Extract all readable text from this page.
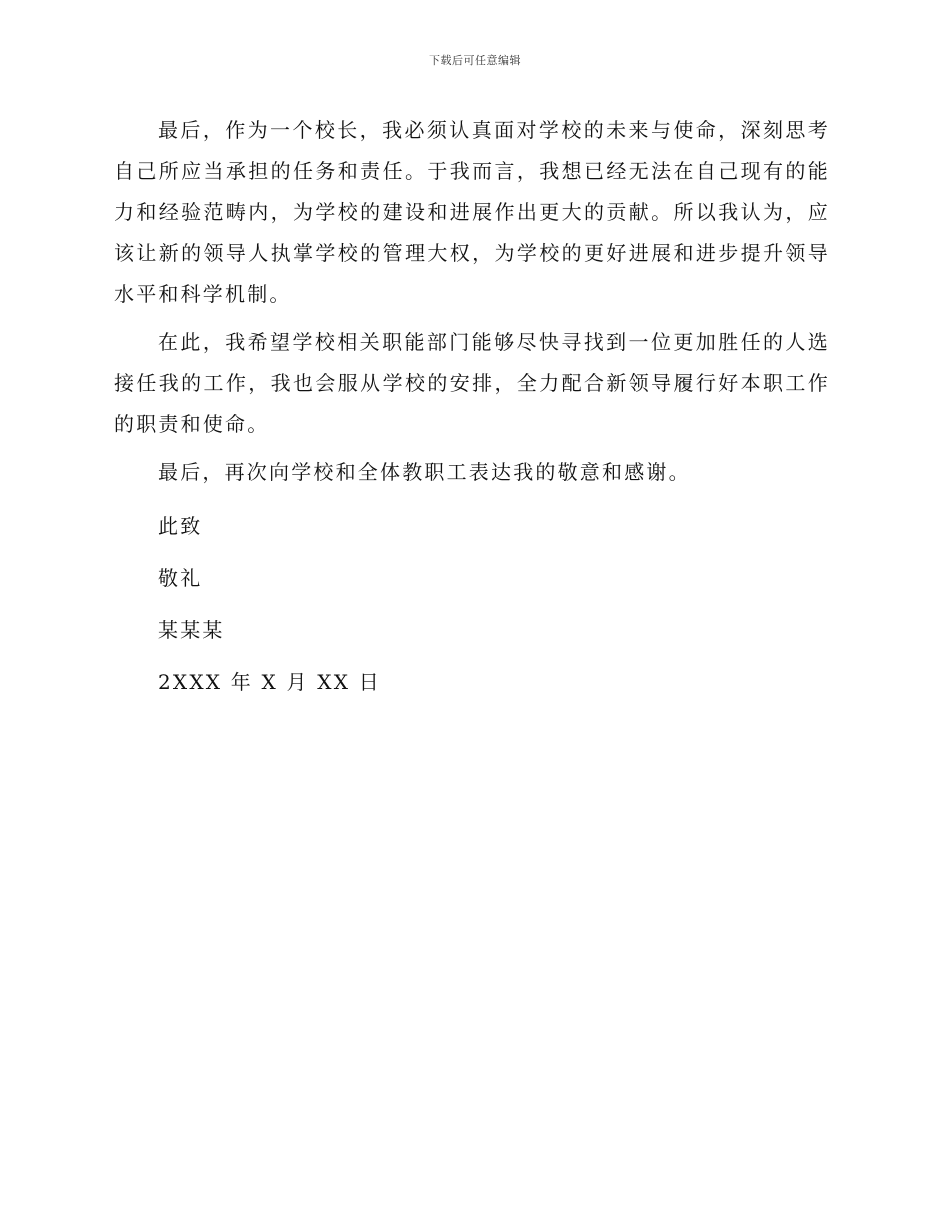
下载后可任意编辑

最后，作为一个校长，我必须认真面对学校的未来与使命，深刻思考自己所应当承担的任务和责任。于我而言，我想已经无法在自己现有的能力和经验范畴内，为学校的建设和进展作出更大的贡献。所以我认为，应该让新的领导人执掌学校的管理大权，为学校的更好进展和进步提升领导水平和科学机制。

在此，我希望学校相关职能部门能够尽快寻找到一位更加胜任的人选接任我的工作，我也会服从学校的安排，全力配合新领导履行好本职工作的职责和使命。

最后，再次向学校和全体教职工表达我的敬意和感谢。

此致

敬礼

某某某

2XXX 年 X 月 XX 日
